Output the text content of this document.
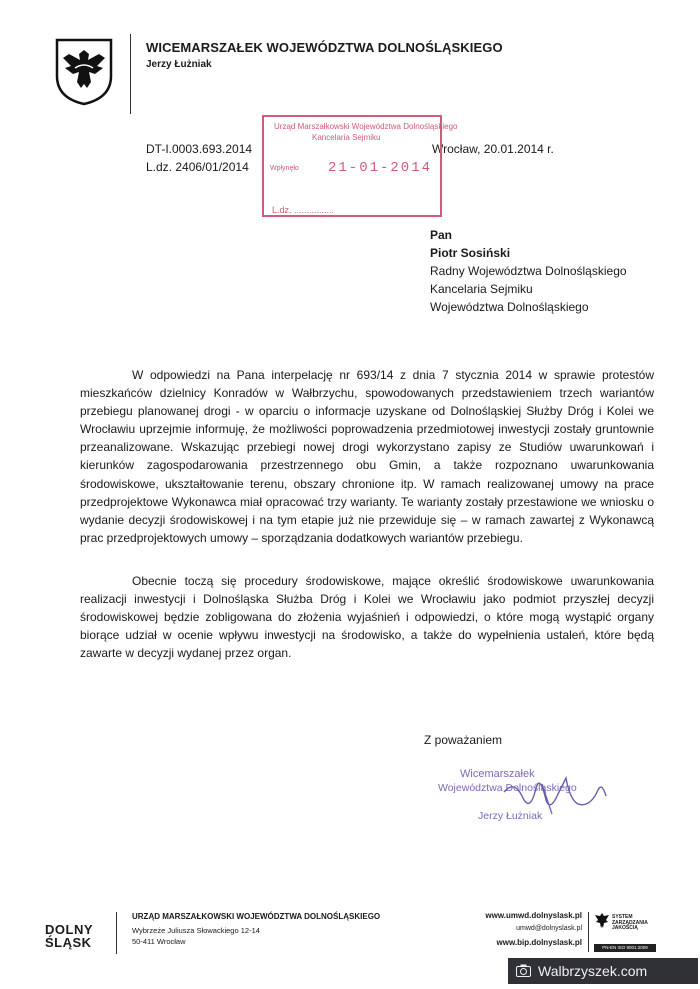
WICEMARSZAŁEK WOJEWÓDZTWA DOLNOŚLĄSKIEGO
Jerzy Łużniak
DT-I.0003.693.2014
L.dz. 2406/01/2014
Wrocław, 20.01.2014 r.
Urząd Marszałkowski Województwa Dolnośląskiego
Kancelaria Sejmiku
Wpłynęło 21-01-2014
L.dz. ................
Pan
Piotr Sosiński
Radny Województwa Dolnośląskiego
Kancelaria Sejmiku
Województwa Dolnośląskiego

W odpowiedzi na Pana interpelację nr 693/14 z dnia 7 stycznia 2014 w sprawie protestów mieszkańców dzielnicy Konradów w Wałbrzychu, spowodowanych przedstawieniem trzech wariantów przebiegu planowanej drogi - w oparciu o informacje uzyskane od Dolnośląskiej Służby Dróg i Kolei we Wrocławiu uprzejmie informuję, że możliwości poprowadzenia przedmiotowej inwestycji zostały gruntownie przeanalizowane. Wskazując przebiegi nowej drogi wykorzystano zapisy ze Studiów uwarunkowań i kierunków zagospodarowania przestrzennego obu Gmin, a także rozpoznano uwarunkowania środowiskowe, ukształtowanie terenu, obszary chronione itp. W ramach realizowanej umowy na prace przedprojektowe Wykonawca miał opracować trzy warianty. Te warianty zostały przestawione we wniosku o wydanie decyzji środowiskowej i na tym etapie już nie przewiduje się – w ramach zawartej z Wykonawcą prac przedprojektowych umowy – sporządzania dodatkowych wariantów przebiegu.

Obecnie toczą się procedury środowiskowe, mające określić środowiskowe uwarunkowania realizacji inwestycji i Dolnośląska Służba Dróg i Kolei we Wrocławiu jako podmiot przyszłej decyzji środowiskowej będzie zobligowana do złożenia wyjaśnień i odpowiedzi, o które mogą wystąpić organy biorące udział w ocenie wpływu inwestycji na środowisko, a także do wypełnienia ustaleń, które będą zawarte w decyzji wydanej przez organ.

Z poważaniem
Wicemarszałek
Województwa Dolnośląskiego
Jerzy Łużniak
DOLNY
ŚLĄSK
URZĄD MARSZAŁKOWSKI WOJEWÓDZTWA DOLNOŚLĄSKIEGO
Wybrzeże Juliusza Słowackiego 12-14
50-411 Wrocław
www.umwd.dolnyslask.pl
umwd@dolnyslask.pl
www.bip.dolnyslask.pl
SYSTEM ZARZĄDZANIA JAKOŚCIĄ
PN-EN ISO 9001:2009
Walbrzyszek.com
